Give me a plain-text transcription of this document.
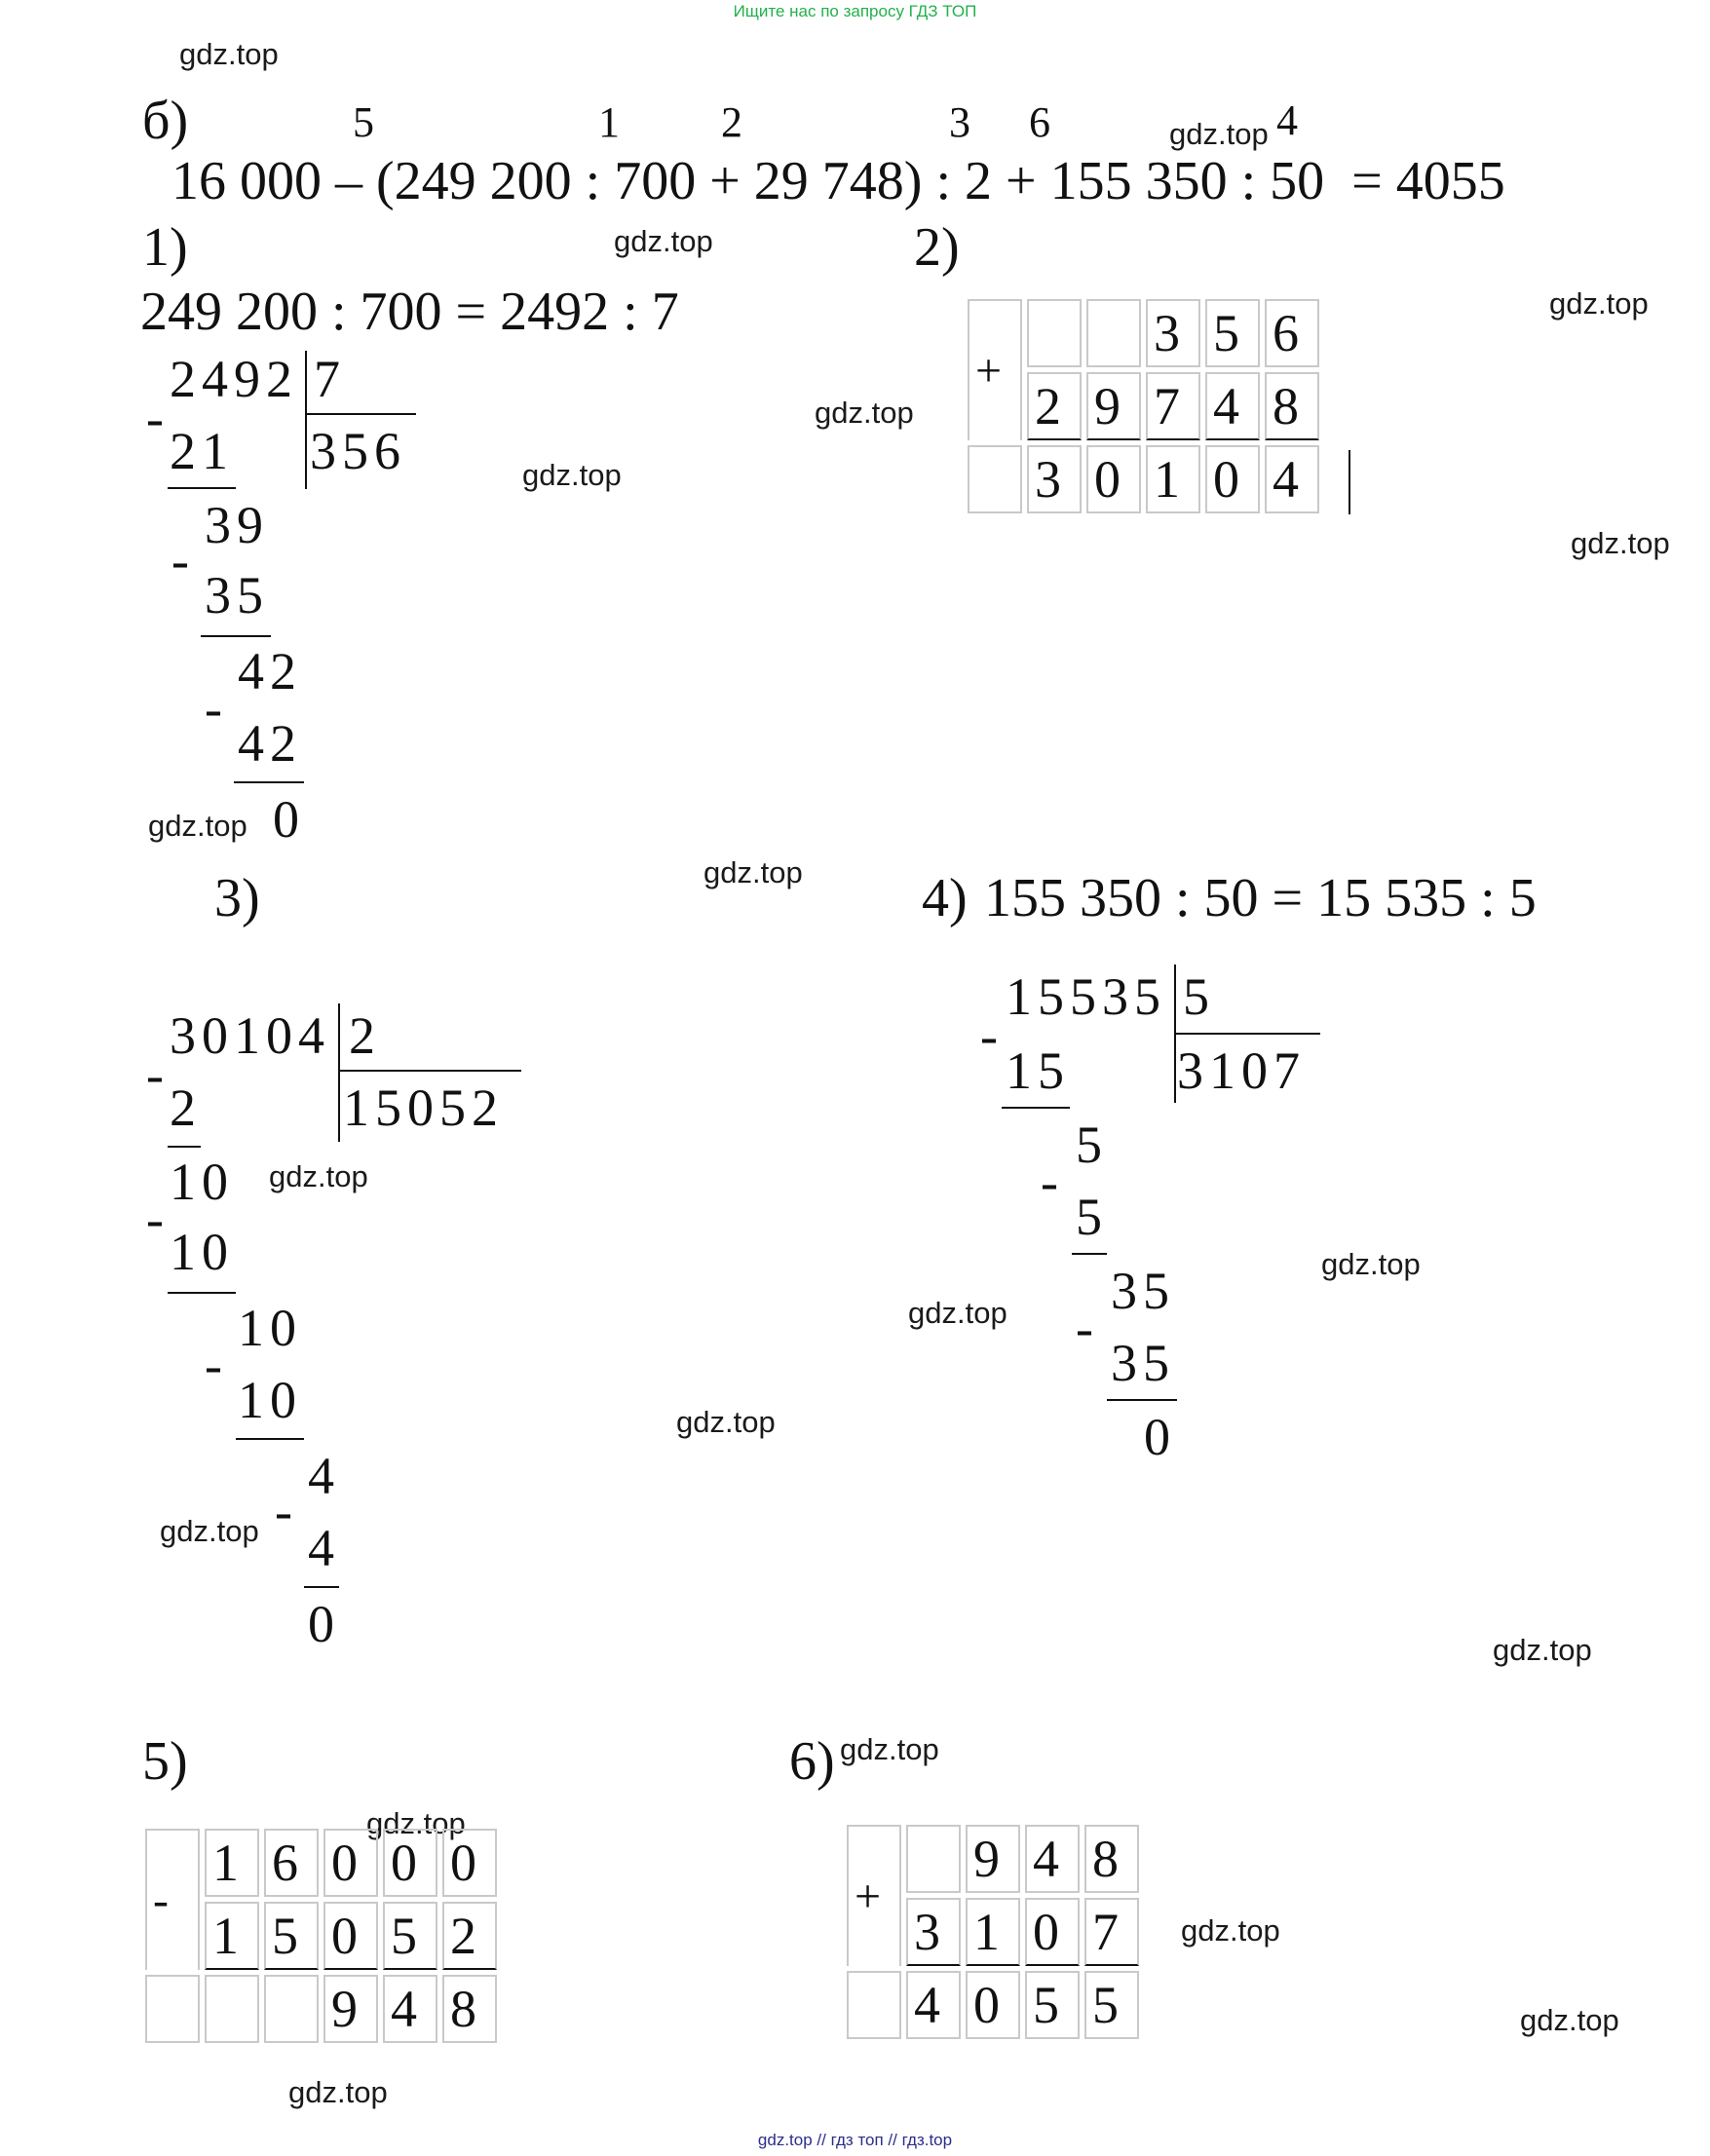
Ищите нас по запросу ГДЗ ТОП
gdz.top
gdz.top
gdz.top
gdz.top
gdz.top
gdz.top
gdz.top
gdz.top
gdz.top
gdz.top
gdz.top
gdz.top
gdz.top
gdz.top
gdz.top
gdz.top
gdz.top
gdz.top
gdz.top
gdz.top
б)	5	1 2	3 6	4
16 000 – (249 200 : 700 + 29 748) : 2 + 155 350 : 50  = 4055
1)
249 200 : 700 = 2492 : 7
2492 7
356
-
21
39
-
35
42
-
42
0
2)
+			3	5	6
	2	9	7	4	8
	3	0	1	0	4
3)
30104 2
15052
-
2
10
-
10
10
-
10
4
-
4
0
4) 155 350 : 50 = 15 535 : 5
15535 5
3107
-
15
5
-
5
35
-
35
0
5)
-	1	6	0	0	0
	1	5	0	5	2
			9	4	8
6)
+		9	4	8
	3	1	0	7
	4	0	5	5
gdz.top // гдз топ // гдз.top
